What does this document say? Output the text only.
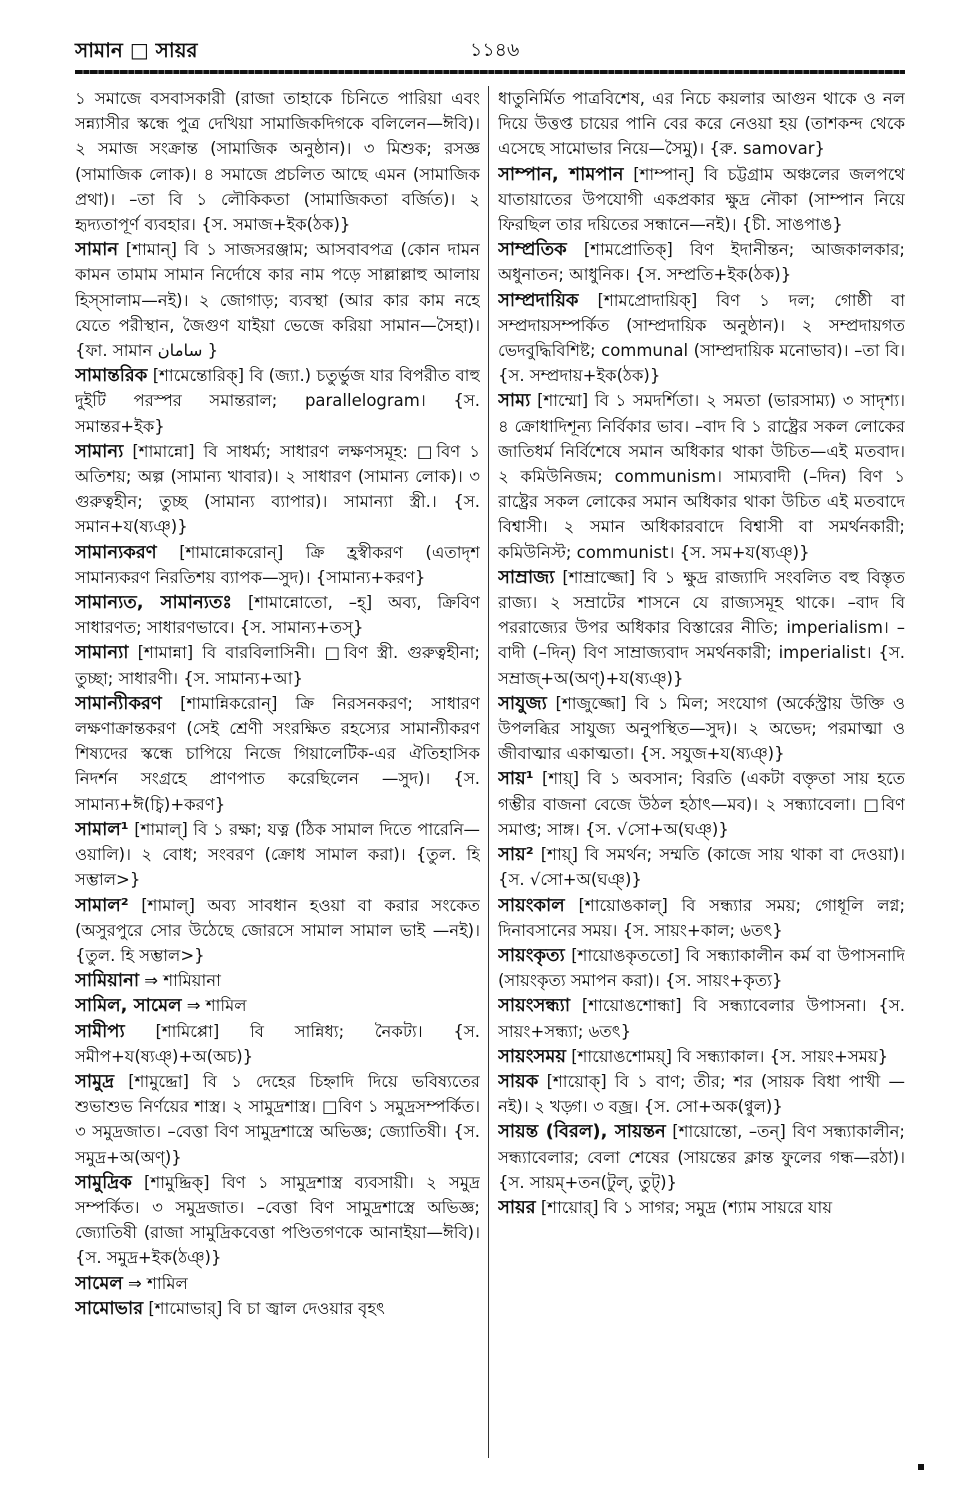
সামান □ সায়র	১১৪৬

১ সমাজে বসবাসকারী (রাজা তাহাকে চিনিতে পারিয়া এবং সন্ন্যাসীর স্কন্ধে পুত্র দেখিয়া সামাজিকদিগকে বলিলেন—ঈবি)। ২ সমাজ সংক্রান্ত (সামাজিক অনুষ্ঠান)। ৩ মিশুক; রসজ্ঞ (সামাজিক লোক)। ৪ সমাজে প্রচলিত আছে এমন (সামাজিক প্রথা)। –তা বি ১ লৌকিকতা (সামাজিকতা বর্জিত)। ২ হৃদ্যতাপূর্ণ ব্যবহার। {স. সমাজ+ইক(ঠক)}

সামান [শামান্] বি ১ সাজসরঞ্জাম; আসবাবপত্র (কোন দামন কামন তামাম সামান নির্দোষে কার নাম পড়ে সাল্লাল্লাহু আলায় হিস্সালাম—নই)। ২ জোগাড়; ব্যবস্থা (আর কার কাম নহে যেতে পরীস্থান, জৈগুণ যাইয়া ভেজে করিয়া সামান—সৈহা)। {ফা. সামান سامان }

সামান্তরিক [শামেন্তোরিক্] বি (জ্যা.) চতুর্ভুজ যার বিপরীত বাহু দুইটি পরস্পর সমান্তরাল; parallelogram। {স. সমান্তর+ইক}

সামান্য [শামান্নো] বি সাধর্ম্য; সাধারণ লক্ষণসমূহ: □বিণ ১ অতিশয়; অল্প (সামান্য খাবার)। ২ সাধারণ (সামান্য লোক)। ৩ গুরুত্বহীন; তুচ্ছ (সামান্য ব্যাপার)। সামান্যা স্ত্রী.। {স. সমান+য(ষ্যঞ্)}

সামান্যকরণ [শামান্নোকরোন্] ক্রি হ্রস্বীকরণ (এতাদৃশ সামান্যকরণ নিরতিশয় ব্যাপক—সুদ)। {সামান্য+করণ}

সামান্যত, সামান্যতঃ [শামান্নোতো, –হ্] অব্য, ক্রিবিণ সাধারণত; সাধারণভাবে। {স. সামান্য+তস্}

সামান্যা [শামান্না] বি বারবিলাসিনী। □বিণ স্ত্রী. গুরুত্বহীনা; তুচ্ছা; সাধারণী। {স. সামান্য+আ}

সামান্যীকরণ [শামান্নিকরোন্] ক্রি নিরসনকরণ; সাধারণ লক্ষণাক্রান্তকরণ (সেই শ্রেণী সংরক্ষিত রহস্যের সামান্যীকরণ শিষ্যদের স্কন্ধে চাপিয়ে নিজে গিয়ালেটিক-এর ঐতিহাসিক নিদর্শন সংগ্রহে প্রাণপাত করেছিলেন —সুদ)। {স. সামান্য+ঈ(চ্বি)+করণ}

সামাল¹ [শামাল্] বি ১ রক্ষা; যত্ন (ঠিক সামাল দিতে পারেনি—ওয়ালি)। ২ বোধ; সংবরণ (ক্রোধ সামাল করা)। {তুল. হি সম্ভাল>}

সামাল² [শামাল্] অব্য সাবধান হওয়া বা করার সংকেত (অসুরপুরে সোর উঠেছে জোরসে সামাল সামাল ভাই —নই)। {তুল. হি সম্ভাল>}

সামিয়ানা ⇒ শামিয়ানা

সামিল, সামেল ⇒ শামিল

সামীপ্য [শামিপ্পো] বি সান্নিধ্য; নৈকট্য। {স. সমীপ+য(ষ্যঞ্)+অ(অচ)}

সামুদ্র [শামুদ্দ্রো] বি ১ দেহের চিহ্নাদি দিয়ে ভবিষ্যতের শুভাশুভ নির্ণয়ের শাস্ত্র। ২ সামুদ্রশাস্ত্র। □বিণ ১ সমুদ্রসম্পর্কিত। ৩ সমুদ্রজাত। –বেত্তা বিণ সামুদ্রশাস্ত্রে অভিজ্ঞ; জ্যোতিষী। {স. সমুদ্র+অ(অণ্)}

সামুদ্রিক [শামুদ্দ্রিক্] বিণ ১ সামুদ্রশাস্ত্র ব্যবসায়ী। ২ সমুদ্র সম্পর্কিত। ৩ সমুদ্রজাত। –বেত্তা বিণ সামুদ্রশাস্ত্রে অভিজ্ঞ; জ্যোতিষী (রাজা সামুদ্রিকবেত্তা পণ্ডিতগণকে আনাইয়া—ঈবি)। {স. সমুদ্র+ইক(ঠঞ্)}

সামেল ⇒ শামিল

সামোভার [শামোভার্] বি চা জ্বাল দেওয়ার বৃহৎ

ধাতুনির্মিত পাত্রবিশেষ, এর নিচে কয়লার আগুন থাকে ও নল দিয়ে উত্তপ্ত চায়ের পানি বের করে নেওয়া হয় (তাশকন্দ থেকে এসেছে সামোভার নিয়ে—সৈমু)। {রু. samovar}

সাম্পান, শামপান [শাম্পান্] বি চট্টগ্রাম অঞ্চলের জলপথে যাতায়াতের উপযোগী একপ্রকার ক্ষুদ্র নৌকা (সাম্পান নিয়ে ফিরছিল তার দয়িতের সন্ধানে—নই)। {চী. সাঙপাঙ}

সাম্প্রতিক [শামপ্রোতিক্] বিণ ইদানীন্তন; আজকালকার; অধুনাতন; আধুনিক। {স. সম্প্রতি+ইক(ঠক)}

সাম্প্রদায়িক [শামপ্রোদায়িক্] বিণ ১ দল; গোষ্ঠী বা সম্প্রদায়সম্পর্কিত (সাম্প্রদায়িক অনুষ্ঠান)। ২ সম্প্রদায়গত ভেদবুদ্ধিবিশিষ্ট; communal (সাম্প্রদায়িক মনোভাব)। –তা বি। {স. সম্প্রদায়+ইক(ঠক)}

সাম্য [শাম্মো] বি ১ সমদর্শিতা। ২ সমতা (ভারসাম্য) ৩ সাদৃশ্য। ৪ ক্রোধাদিশূন্য নির্বিকার ভাব। –বাদ বি ১ রাষ্ট্রের সকল লোকের জাতিধর্ম নির্বিশেষে সমান অধিকার থাকা উচিত—এই মতবাদ। ২ কমিউনিজম; communism। সাম্যবাদী (–দিন) বিণ ১ রাষ্ট্রের সকল লোকের সমান অধিকার থাকা উচিত এই মতবাদে বিশ্বাসী। ২ সমান অধিকারবাদে বিশ্বাসী বা সমর্থনকারী; কমিউনিস্ট; communist। {স. সম+য(ষ্যঞ্)}

সাম্রাজ্য [শাম্রাজ্জো] বি ১ ক্ষুদ্র রাজ্যাদি সংবলিত বহু বিস্তৃত রাজ্য। ২ সম্রাটের শাসনে যে রাজ্যসমূহ থাকে। –বাদ বি পররাজ্যের উপর অধিকার বিস্তারের নীতি; imperialism। –বাদী (–দিন্) বিণ সাম্রাজ্যবাদ সমর্থনকারী; imperialist। {স. সম্রাজ্+অ(অণ্)+য(ষ্যঞ্)}

সাযুজ্য [শাজুজ্জো] বি ১ মিল; সংযোগ (অর্কেস্ট্রায় উক্তি ও উপলব্ধির সাযুজ্য অনুপস্থিত—সুদ)। ২ অভেদ; পরমাত্মা ও জীবাত্মার একাত্মতা। {স. সযুজ+য(ষ্যঞ্)}

সায়¹ [শায়্] বি ১ অবসান; বিরতি (একটা বক্তৃতা সায় হতে গম্ভীর বাজনা বেজে উঠল হঠাৎ—মব)। ২ সন্ধ্যাবেলা। □বিণ সমাপ্ত; সাঙ্গ। {স. √সো+অ(ঘঞ্)}

সায়² [শায়্] বি সমর্থন; সম্মতি (কাজে সায় থাকা বা দেওয়া)। {স. √সো+অ(ঘঞ্)}

সায়ংকাল [শায়োঙকাল্] বি সন্ধ্যার সময়; গোধূলি লগ্ন; দিনাবসানের সময়। {স. সায়ং+কাল; ৬তৎ}

সায়ংকৃত্য [শায়োঙকৃততো] বি সন্ধ্যাকালীন কর্ম বা উপাসনাদি (সায়ংকৃত্য সমাপন করা)। {স. সায়ং+কৃত্য}

সায়ংসন্ধ্যা [শায়োঙশোন্ধা] বি সন্ধ্যাবেলার উপাসনা। {স. সায়ং+সন্ধ্যা; ৬তৎ}

সায়ংসময় [শায়োঙশোময়্] বি সন্ধ্যাকাল। {স. সায়ং+সময়}

সায়ক [শায়োক্] বি ১ বাণ; তীর; শর (সায়ক বিধা পাখী —নই)। ২ খড়্গ। ৩ বজ্র। {স. সো+অক(ণ্বুল)}

সায়ন্ত (বিরল), সায়ন্তন [শায়োন্তো, –তন্] বিণ সন্ধ্যাকালীন; সন্ধ্যাবেলার; বেলা শেষের (সায়ন্তের ক্লান্ত ফুলের গন্ধ—রঠা)। {স. সায়ম্+তন(টুল্, তুট্)}

সায়র [শায়োর্] বি ১ সাগর; সমুদ্র (শ্যাম সায়রে যায়
